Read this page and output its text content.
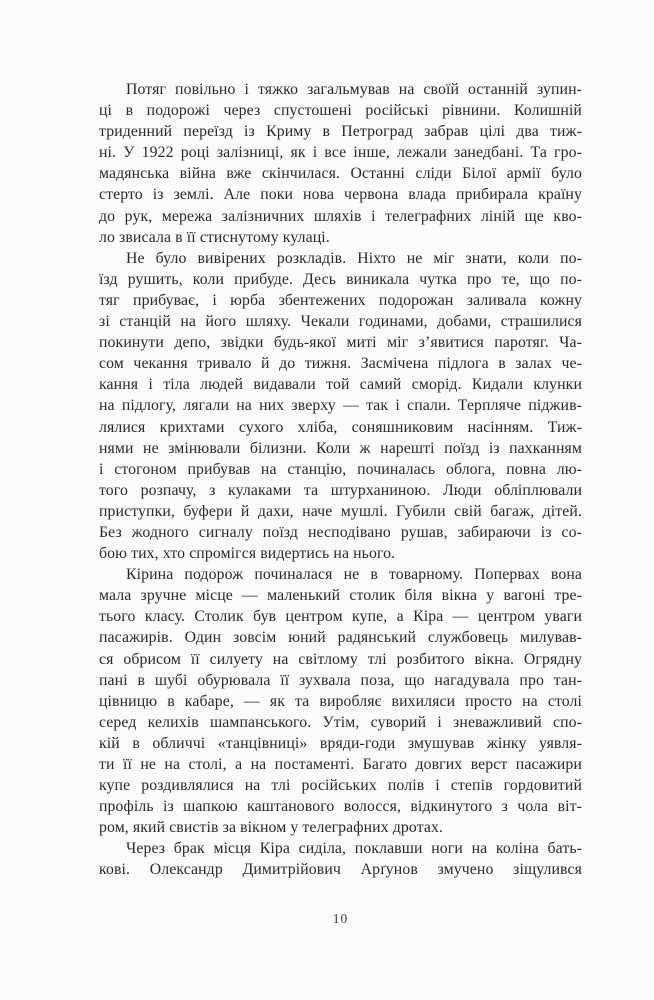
Потяг повільно і тяжко загальмував на своїй останній зупин-
ці в подорожі через спустошені російські рівнини. Колишній
триденний переїзд із Криму в Петроград забрав цілі два тиж-
ні. У 1922 році залізниці, як і все інше, лежали занедбані. Та гро-
мадянська війна вже скінчилася. Останні сліди Білої армії було
стерто із землі. Але поки нова червона влада прибирала країну
до рук, мережа залізничних шляхів і телеграфних ліній ще кво-
ло звисала в її стиснутому кулаці.
Не було вивірених розкладів. Ніхто не міг знати, коли по-
їзд рушить, коли прибуде. Десь виникала чутка про те, що по-
тяг прибуває, і юрба збентежених подорожан заливала кожну
зі станцій на його шляху. Чекали годинами, добами, страшилися
покинути депо, звідки будь-якої миті міг з’явитися паротяг. Ча-
сом чекання тривало й до тижня. Засмічена підлога в залах че-
кання і тіла людей видавали той самий сморід. Кидали клунки
на підлогу, лягали на них зверху — так і спали. Терпляче піджив-
лялися крихтами сухого хліба, соняшниковим насінням. Тиж-
нями не змінювали білизни. Коли ж нарешті поїзд із пахканням
і стогоном прибував на станцію, починалась облога, повна лю-
того розпачу, з кулаками та штурханиною. Люди обліплювали
приступки, буфери й дахи, наче мушлі. Губили свій багаж, дітей.
Без жодного сигналу поїзд несподівано рушав, забираючи із со-
бою тих, хто спромігся видертись на нього.
Кірина подорож починалася не в товарному. Попервах вона
мала зручне місце — маленький столик біля вікна у вагоні тре-
тього класу. Столик був центром купе, а Кіра — центром уваги
пасажирів. Один зовсім юний радянський службовець милував-
ся обрисом її силуету на світлому тлі розбитого вікна. Огрядну
пані в шубі обурювала її зухвала поза, що нагадувала про тан-
цівницю в кабаре, — як та виробляє вихиляси просто на столі
серед келихів шампанського. Утім, суворий і зневажливий спо-
кій в обличчі «танцівниці» вряди-годи змушував жінку уявля-
ти її не на столі, а на постаменті. Багато довгих верст пасажири
купе роздивлялися на тлі російських полів і степів гордовитий
профіль із шапкою каштанового волосся, відкинутого з чола віт-
ром, який свистів за вікном у телеграфних дротах.
Через брак місця Кіра сиділа, поклавши ноги на коліна бать-
кові. Олександр Димитрійович Арґунов змучено зіщулився
10
